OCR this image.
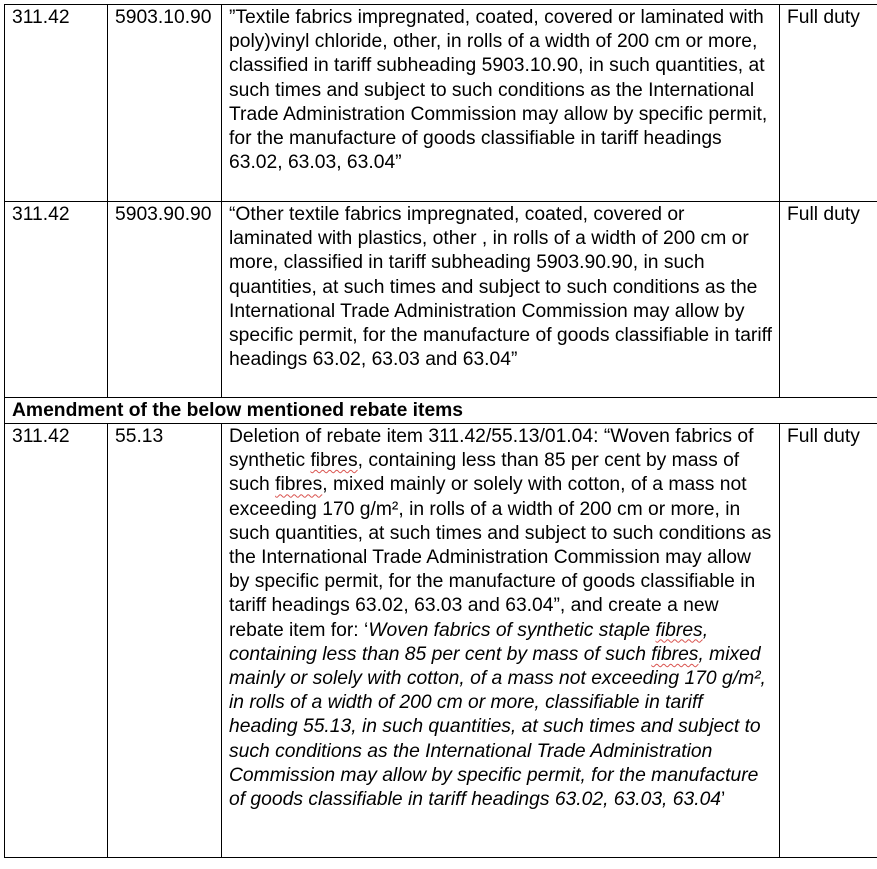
311.42	5903.10.90	”Textile fabrics impregnated, coated, covered or laminated with poly)vinyl chloride, other, in rolls of a width of 200 cm or more, classified in tariff subheading 5903.10.90, in such quantities, at such times and subject to such conditions as the International Trade Administration Commission may allow by specific permit, for the manufacture of goods classifiable in tariff headings 63.02, 63.03, 63.04”	Full duty
311.42	5903.90.90	“Other textile fabrics impregnated, coated, covered or laminated with plastics, other , in rolls of a width of 200 cm or more, classified in tariff subheading 5903.90.90, in such quantities, at such times and subject to such conditions as the International Trade Administration Commission may allow by specific permit, for the manufacture of goods classifiable in tariff headings 63.02, 63.03 and 63.04”	Full duty
Amendment of the below mentioned rebate items			
311.42	55.13	Deletion of rebate item 311.42/55.13/01.04: “Woven fabrics of synthetic fibres, containing less than 85 per cent by mass of such fibres, mixed mainly or solely with cotton, of a mass not exceeding 170 g/m², in rolls of a width of 200 cm or more, in such quantities, at such times and subject to such conditions as the International Trade Administration Commission may allow by specific permit, for the manufacture of goods classifiable in tariff headings 63.02, 63.03 and 63.04”, and create a new rebate item for: ‘Woven fabrics of synthetic staple fibres, containing less than 85 per cent by mass of such fibres, mixed mainly or solely with cotton, of a mass not exceeding 170 g/m², in rolls of a width of 200 cm or more, classifiable in tariff heading 55.13, in such quantities, at such times and subject to such conditions as the International Trade Administration Commission may allow by specific permit, for the manufacture of goods classifiable in tariff headings 63.02, 63.03, 63.04’	Full duty
